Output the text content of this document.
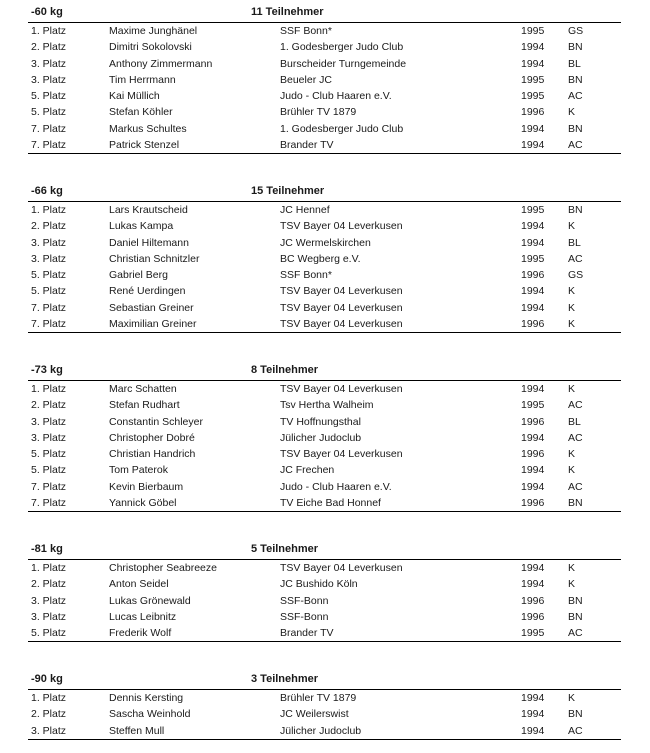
-60 kg	11 Teilnehmer
1. Platz	Maxime Junghänel	SSF Bonn*	1995 GS
2. Platz	Dimitri Sokolovski	1. Godesberger Judo Club	1994 BN
3. Platz	Anthony Zimmermann	Burscheider Turngemeinde	1994 BL
3. Platz	Tim Herrmann	Beueler JC	1995 BN
5. Platz	Kai Müllich	Judo - Club Haaren e.V.	1995 AC
5. Platz	Stefan Köhler	Brühler TV 1879	1996 K
7. Platz	Markus Schultes	1. Godesberger Judo Club	1994 BN
7. Platz	Patrick Stenzel	Brander TV	1994 AC
-66 kg	15 Teilnehmer
1. Platz	Lars Krautscheid	JC Hennef	1995 BN
2. Platz	Lukas Kampa	TSV Bayer 04 Leverkusen	1994 K
3. Platz	Daniel Hiltemann	JC Wermelskirchen	1994 BL
3. Platz	Christian Schnitzler	BC Wegberg e.V.	1995 AC
5. Platz	Gabriel Berg	SSF Bonn*	1996 GS
5. Platz	René Uerdingen	TSV Bayer 04 Leverkusen	1994 K
7. Platz	Sebastian Greiner	TSV Bayer 04 Leverkusen	1994 K
7. Platz	Maximilian Greiner	TSV Bayer 04 Leverkusen	1996 K
-73 kg	8 Teilnehmer
1. Platz	Marc Schatten	TSV Bayer 04 Leverkusen	1994 K
2. Platz	Stefan Rudhart	Tsv Hertha Walheim	1995 AC
3. Platz	Constantin Schleyer	TV Hoffnungsthal	1996 BL
3. Platz	Christopher Dobré	Jülicher Judoclub	1994 AC
5. Platz	Christian Handrich	TSV Bayer 04 Leverkusen	1996 K
5. Platz	Tom Paterok	JC Frechen	1994 K
7. Platz	Kevin Bierbaum	Judo - Club Haaren e.V.	1994 AC
7. Platz	Yannick Göbel	TV Eiche Bad Honnef	1996 BN
-81 kg	5 Teilnehmer
1. Platz	Christopher Seabreeze	TSV Bayer 04 Leverkusen	1994 K
2. Platz	Anton Seidel	JC Bushido Köln	1994 K
3. Platz	Lukas Grönewald	SSF-Bonn	1996 BN
3. Platz	Lucas Leibnitz	SSF-Bonn	1996 BN
5. Platz	Frederik Wolf	Brander TV	1995 AC
-90 kg	3 Teilnehmer
1. Platz	Dennis Kersting	Brühler TV 1879	1994 K
2. Platz	Sascha Weinhold	JC Weilerswist	1994 BN
3. Platz	Steffen Mull	Jülicher Judoclub	1994 AC
